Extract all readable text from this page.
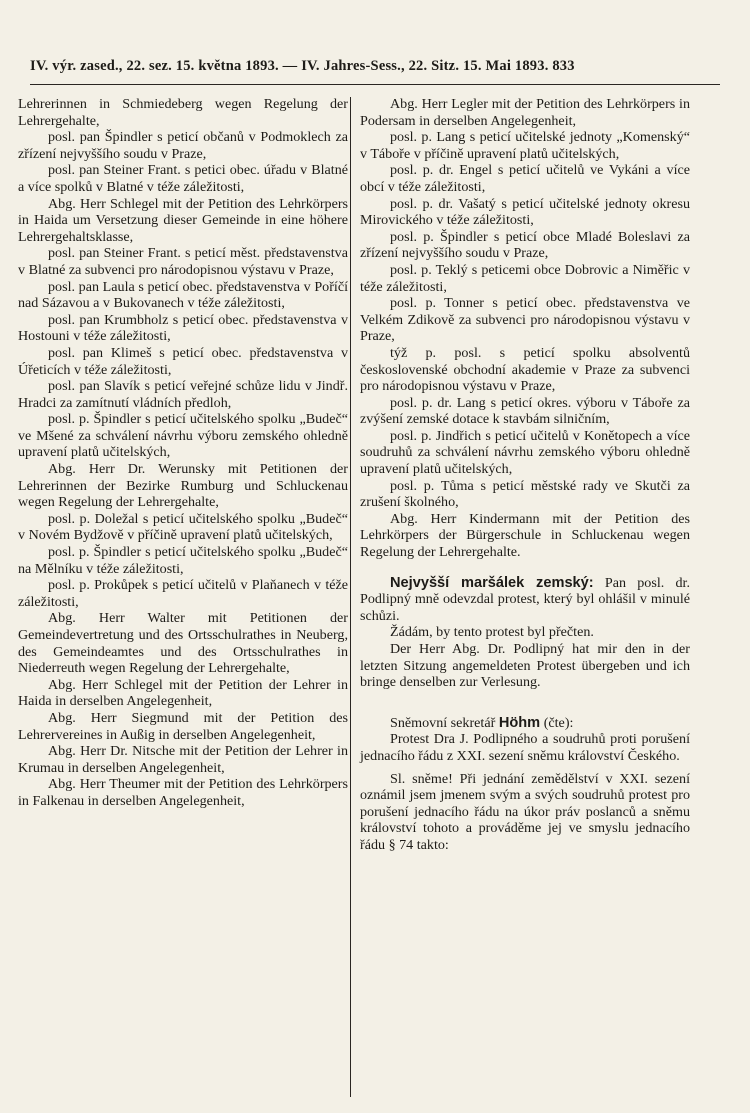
IV. výr. zased., 22. sez. 15. května 1893. — IV. Jahres-Sess., 22. Sitz. 15. Mai 1893. 833

Lehrerinnen in Schmiedeberg wegen Regelung der Lehrergehalte,

posl. pan Špindler s peticí občanů v Podmoklech za zřízení nejvyššího soudu v Praze,

posl. pan Steiner Frant. s petici obec. úřadu v Blatné a více spolků v Blatné v téže záležitosti,

Abg. Herr Schlegel mit der Petition des Lehrkörpers in Haida um Versetzung dieser Gemeinde in eine höhere Lehrergehaltsklasse,

posl. pan Steiner Frant. s peticí měst. představenstva v Blatné za subvenci pro národopisnou výstavu v Praze,

posl. pan Laula s peticí obec. představenstva v Poříčí nad Sázavou a v Bukovanech v téže záležitosti,

posl. pan Krumbholz s peticí obec. představenstva v Hostouni v téže záležitosti,

posl. pan Klimeš s peticí obec. představenstva v Úřeticích v téže záležitosti,

posl. pan Slavík s peticí veřejné schůze lidu v Jindř. Hradci za zamítnutí vládních předloh,

posl. p. Špindler s peticí učitelského spolku „Budeč“ ve Mšené za schválení návrhu výboru zemského ohledně upravení platů učitelských,

Abg. Herr Dr. Werunsky mit Petitionen der Lehrerinnen der Bezirke Rumburg und Schluckenau wegen Regelung der Lehrergehalte,

posl. p. Doležal s peticí učitelského spolku „Budeč“ v Novém Bydžově v příčině upravení platů učitelských,

posl. p. Špindler s peticí učitelského spolku „Budeč“ na Mělníku v téže záležitosti,

posl. p. Prokůpek s peticí učitelů v Plaňanech v téže záležitosti,

Abg. Herr Walter mit Petitionen der Gemeindevertretung und des Ortsschulrathes in Neuberg, des Gemeindeamtes und des Ortsschulrathes in Niederreuth wegen Regelung der Lehrergehalte,

Abg. Herr Schlegel mit der Petition der Lehrer in Haida in derselben Angelegenheit,

Abg. Herr Siegmund mit der Petition des Lehrervereines in Außig in derselben Angelegenheit,

Abg. Herr Dr. Nitsche mit der Petition der Lehrer in Krumau in derselben Angelegenheit,

Abg. Herr Theumer mit der Petition des Lehrkörpers in Falkenau in derselben Angelegenheit,

Abg. Herr Legler mit der Petition des Lehrkörpers in Podersam in derselben Angelegenheit,

posl. p. Lang s peticí učitelské jednoty „Komenský“ v Táboře v příčině upravení platů učitelských,

posl. p. dr. Engel s peticí učitelů ve Vykáni a více obcí v téže záležitosti,

posl. p. dr. Vašatý s peticí učitelské jednoty okresu Mirovického v téže záležitosti,

posl. p. Špindler s peticí obce Mladé Boleslavi za zřízení nejvyššího soudu v Praze,

posl. p. Teklý s peticemi obce Dobrovic a Niměřic v téže záležitosti,

posl. p. Tonner s peticí obec. představenstva ve Velkém Zdikově za subvenci pro národopisnou výstavu v Praze,

týž p. posl. s peticí spolku absolventů československé obchodní akademie v Praze za subvenci pro národopisnou výstavu v Praze,

posl. p. dr. Lang s peticí okres. výboru v Táboře za zvýšení zemské dotace k stavbám silničním,

posl. p. Jindřich s peticí učitelů v Konětopech a více soudruhů za schválení návrhu zemského výboru ohledně upravení platů učitelských,

posl. p. Tůma s peticí městské rady ve Skutči za zrušení školného,

Abg. Herr Kindermann mit der Petition des Lehrkörpers der Bürgerschule in Schluckenau wegen Regelung der Lehrergehalte.

Nejvyšší maršálek zemský: Pan posl. dr. Podlipný mně odevzdal protest, který byl ohlášil v minulé schůzi.

Žádám, by tento protest byl přečten.

Der Herr Abg. Dr. Podlipný hat mir den in der letzten Sitzung angemeldeten Protest übergeben und ich bringe denselben zur Verlesung.

Sněmovní sekretář Höhm (čte):

Protest Dra J. Podlipného a soudruhů proti porušení jednacího řádu z XXI. sezení sněmu království Českého.

Sl. sněme! Při jednání zemědělství v XXI. sezení oznámil jsem jmenem svým a svých soudruhů protest pro porušení jednacího řádu na úkor práv poslanců a sněmu království tohoto a prováděme jej ve smyslu jednacího řádu § 74 takto:
